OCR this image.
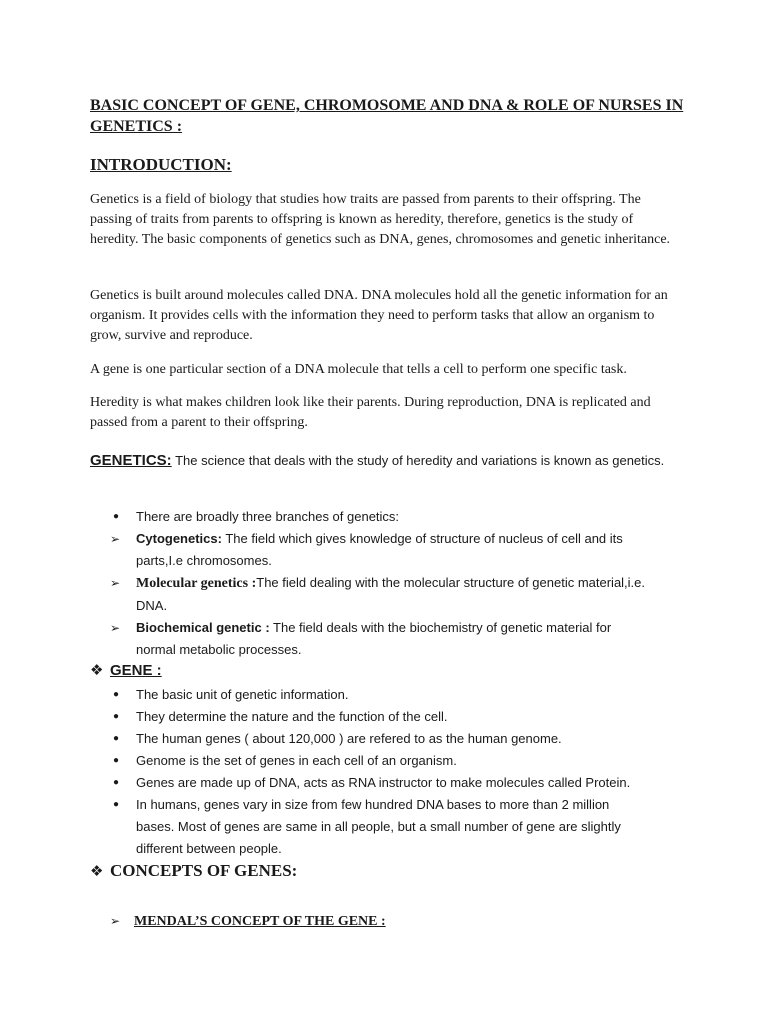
BASIC CONCEPT OF GENE, CHROMOSOME AND DNA & ROLE OF NURSES IN GENETICS :
INTRODUCTION:

Genetics is a field of biology that studies how traits are passed from parents to their offspring. The passing of traits from parents to offspring is known as heredity, therefore, genetics is the study of heredity. The basic components of genetics such as DNA, genes, chromosomes and genetic inheritance.

Genetics is built around molecules called DNA. DNA molecules hold all the genetic information for an organism. It provides cells with the information they need to perform tasks that allow an organism to grow, survive and reproduce.

A gene is one particular section of a DNA molecule that tells a cell to perform one specific task.

Heredity is what makes children look like their parents. During reproduction, DNA is replicated and passed from a parent to their offspring.

GENETICS: The science that deals with the study of heredity and variations is known as genetics.
● There are broadly three branches of genetics:
➢ Cytogenetics: The field which gives knowledge of structure of nucleus of cell and its parts,I.e chromosomes.
➢ Molecular genetics :The field dealing with the molecular structure of genetic material,i.e. DNA.
➢ Biochemical genetic : The field deals with the biochemistry of genetic material for normal metabolic processes.
❖ GENE :
● The basic unit of genetic information.
● They determine the nature and the function of the cell.
● The human genes ( about 120,000 ) are refered to as the human genome.
● Genome is the set of genes in each cell of an organism.
● Genes are made up of DNA, acts as RNA instructor to make molecules called Protein.
● In humans, genes vary in size from few hundred DNA bases to more than 2 million bases. Most of genes are same in all people, but a small number of gene are slightly different between people.
❖ CONCEPTS OF GENES:
➢ MENDAL’S CONCEPT OF THE GENE :
